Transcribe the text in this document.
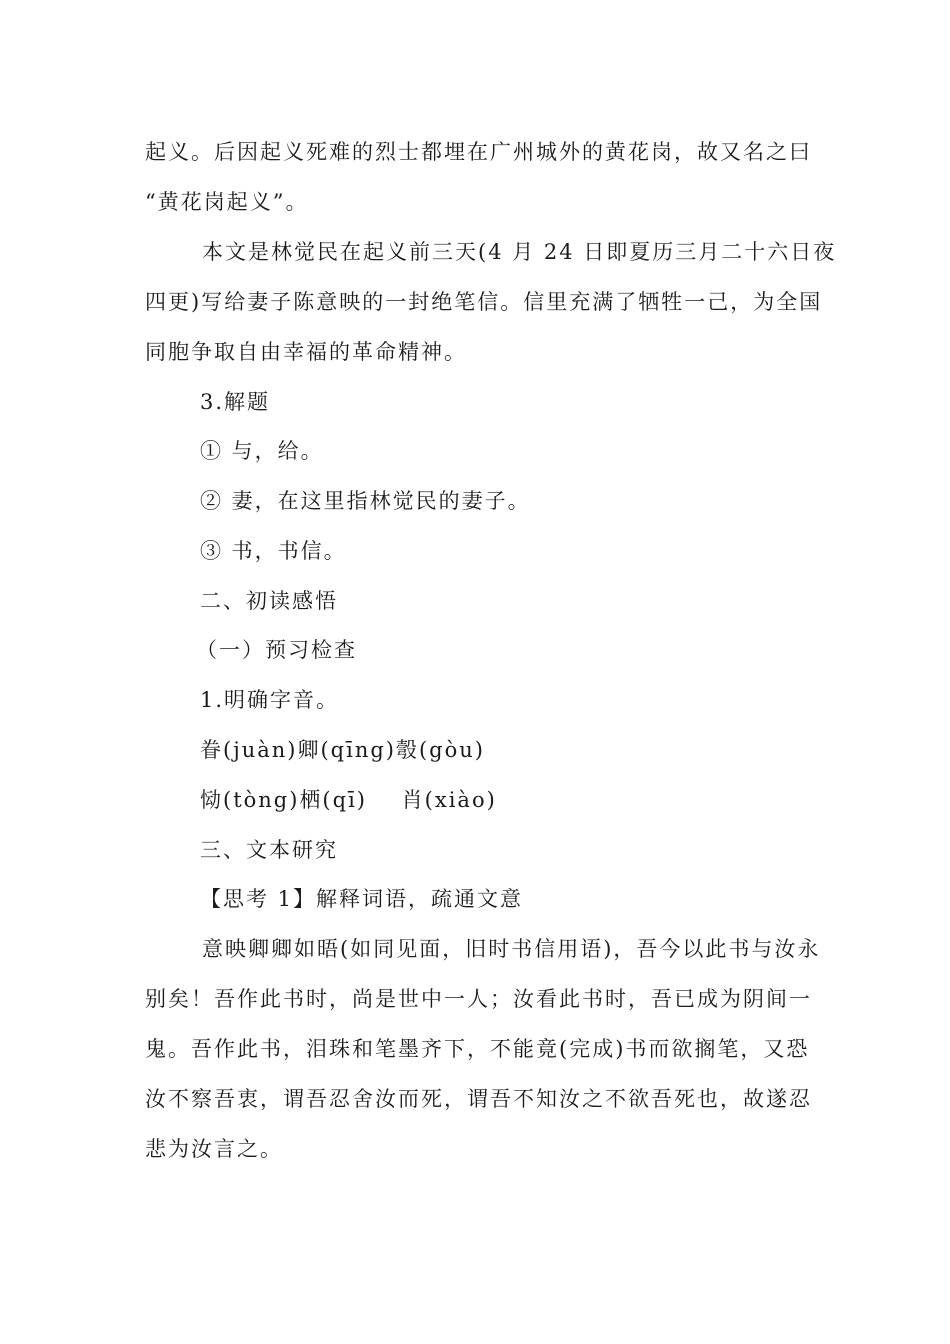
起义。后因起义死难的烈士都埋在广州城外的黄花岗，故又名之曰
“黄花岗起义”。
本文是林觉民在起义前三天(4 月 24 日即夏历三月二十六日夜
四更)写给妻子陈意映的一封绝笔信。信里充满了牺牲一己，为全国
同胞争取自由幸福的革命精神。
3.解题
① 与，给。
② 妻，在这里指林觉民的妻子。
③ 书，书信。
二、初读感悟
（一）预习检查
1.明确字音。
眷(juàn)卿(qīng)彀(gòu)
恸(tòng)栖(qī)    肖(xiào)
三、文本研究
【思考 1】解释词语，疏通文意
意映卿卿如晤(如同见面，旧时书信用语)，吾今以此书与汝永
别矣！吾作此书时，尚是世中一人；汝看此书时，吾已成为阴间一
鬼。吾作此书，泪珠和笔墨齐下，不能竟(完成)书而欲搁笔，又恐
汝不察吾衷，谓吾忍舍汝而死，谓吾不知汝之不欲吾死也，故遂忍
悲为汝言之。
